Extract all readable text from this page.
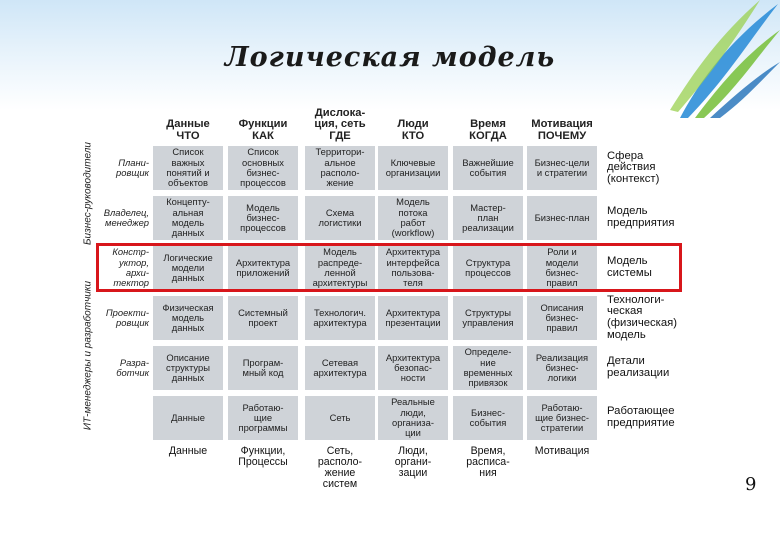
Логическая модель
Бизнес-руководители
ИТ-менеджеры и разработчики
Данные
ЧТО
Функции
КАК
Дислока-
ция, сеть
ГДЕ
Люди
КТО
Время
КОГДА
Мотивация
ПОЧЕМУ
Плани-
ровщик
Список
важных
понятий и
объектов
Список
основных
бизнес-
процессов
Территори-
альное
располо-
жение
Ключевые
организации
Важнейшие
события
Бизнес-цели
и стратегии
Сфера
действия
(контекст)
Владелец,
менеджер
Концепту-
альная
модель
данных
Модель
бизнес-
процессов
Схема
логистики
Модель
потока
работ
(workflow)
Мастер-
план
реализации
Бизнес-план	Модель
предприятия
Констр-
уктор,
архи-
тектор
Логические
модели
данных
Архитектура
приложений
Модель
распреде-
ленной
архитектуры
Архитектура
интерфейса
пользова-
теля
Структура
процессов
Роли и
модели
бизнес-
правил
Модель
системы
Проекти-
ровщик
Физическая
модель
данных
Системный
проект
Технологич.
архитектура
Архитектура
презентации
Структуры
управления
Описания
бизнес-
правил
Технологи-
ческая
(физическая)
модель
Разра-
ботчик
Описание
структуры
данных
Програм-
мный код
Сетевая
архитектура
Архитектура
безопас-
ности
Определе-
ние
временных
привязок
Реализация
бизнес-
логики
Детали
реализации
Данные
Работаю-
щие
программы
Сеть
Реальные
люди,
организа-
ции
Бизнес-
события
Работаю-
щие бизнес-
стратегии
Работающее
предприятие
Данные	Функции,
Процессы
Сеть,
располо-
жение
систем
Люди,
органи-
зации
Время,
распиcа-
ния
Мотивация
9
